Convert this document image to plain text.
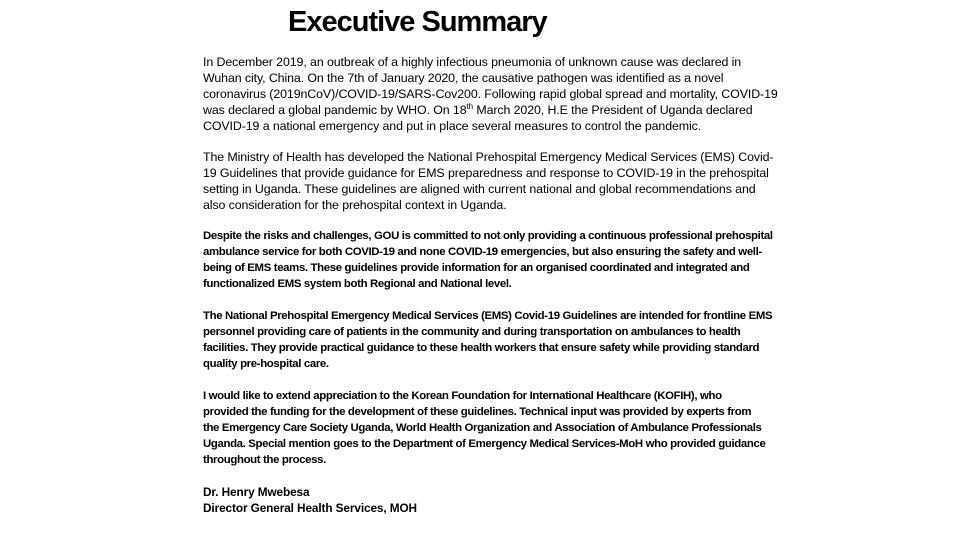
Executive Summary

In December 2019, an outbreak of a highly infectious pneumonia of unknown cause was declared in
Wuhan city, China. On the 7th of January 2020, the causative pathogen was identified as a novel
coronavirus (2019nCoV)/COVID-19/SARS-Cov200. Following rapid global spread and mortality, COVID-19
was declared a global pandemic by WHO. On 18th March 2020, H.E the President of Uganda declared
COVID-19 a national emergency and put in place several measures to control the pandemic.

The Ministry of Health has developed the National Prehospital Emergency Medical Services (EMS) Covid-
19 Guidelines that provide guidance for EMS preparedness and response to COVID-19 in the prehospital
setting in Uganda. These guidelines are aligned with current national and global recommendations and
also consideration for the prehospital context in Uganda.

Despite the risks and challenges, GOU is committed to not only providing a continuous professional prehospital
ambulance service for both COVID-19 and none COVID-19 emergencies, but also ensuring the safety and well-
being of EMS teams. These guidelines provide information for an organised coordinated and integrated and
functionalized EMS system both Regional and National level.

The National Prehospital Emergency Medical Services (EMS) Covid-19 Guidelines are intended for frontline EMS
personnel providing care of patients in the community and during transportation on ambulances to health
facilities. They provide practical guidance to these health workers that ensure safety while providing standard
quality pre-hospital care.

I would like to extend appreciation to the Korean Foundation for International Healthcare (KOFIH), who
provided the funding for the development of these guidelines. Technical input was provided by experts from
the Emergency Care Society Uganda, World Health Organization and Association of Ambulance Professionals
Uganda. Special mention goes to the Department of Emergency Medical Services-MoH who provided guidance
throughout the process.

Dr. Henry Mwebesa
Director General Health Services, MOH
